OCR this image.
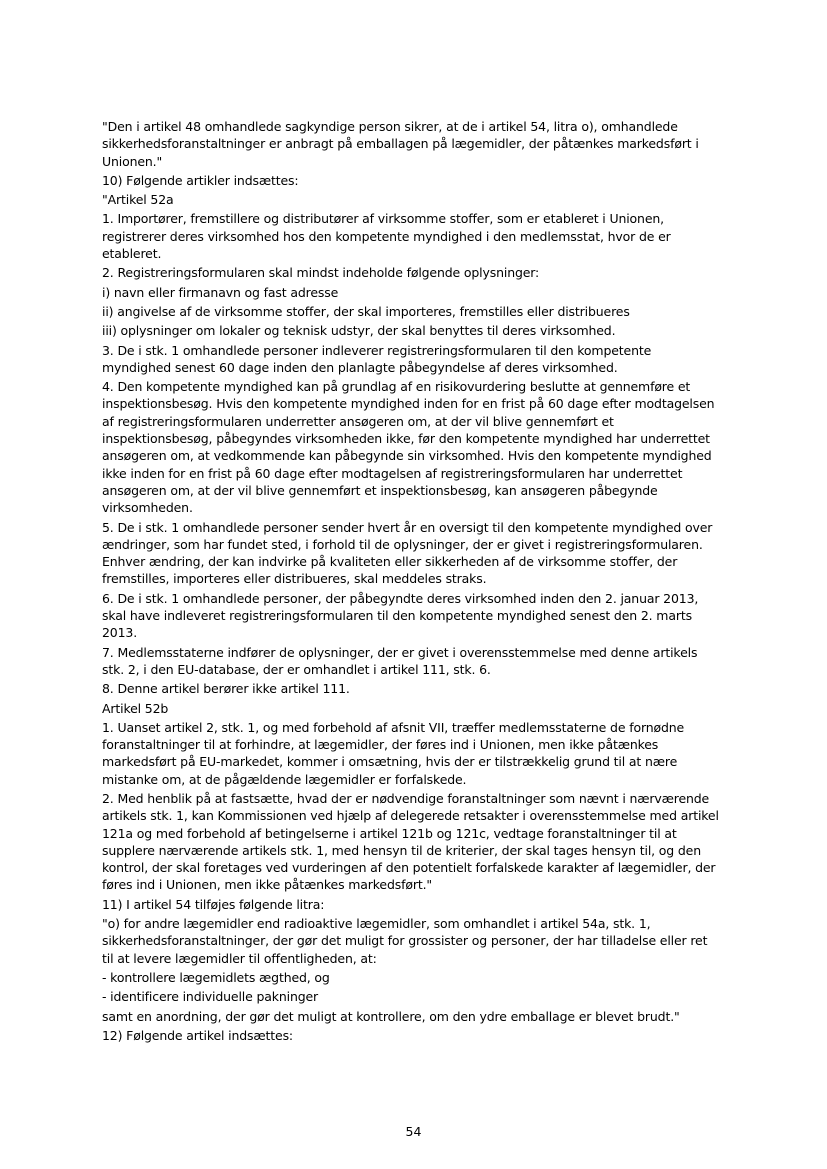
"Den i artikel 48 omhandlede sagkyndige person sikrer, at de i artikel 54, litra o), omhandlede sikkerhedsforanstaltninger er anbragt på emballagen på lægemidler, der påtænkes markedsført i Unionen."

10) Følgende artikler indsættes:

"Artikel 52a

1. Importører, fremstillere og distributører af virksomme stoffer, som er etableret i Unionen, registrerer deres virksomhed hos den kompetente myndighed i den medlemsstat, hvor de er etableret.

2. Registreringsformularen skal mindst indeholde følgende oplysninger:

i) navn eller firmanavn og fast adresse

ii) angivelse af de virksomme stoffer, der skal importeres, fremstilles eller distribueres

iii) oplysninger om lokaler og teknisk udstyr, der skal benyttes til deres virksomhed.

3. De i stk. 1 omhandlede personer indleverer registreringsformularen til den kompetente myndighed senest 60 dage inden den planlagte påbegyndelse af deres virksomhed.

4. Den kompetente myndighed kan på grundlag af en risikovurdering beslutte at gennemføre et inspektionsbesøg. Hvis den kompetente myndighed inden for en frist på 60 dage efter modtagelsen af registreringsformularen underretter ansøgeren om, at der vil blive gennemført et inspektionsbesøg, påbegyndes virksomheden ikke, før den kompetente myndighed har underrettet ansøgeren om, at vedkommende kan påbegynde sin virksomhed. Hvis den kompetente myndighed ikke inden for en frist på 60 dage efter modtagelsen af registreringsformularen har underrettet ansøgeren om, at der vil blive gennemført et inspektionsbesøg, kan ansøgeren påbegynde virksomheden.

5. De i stk. 1 omhandlede personer sender hvert år en oversigt til den kompetente myndighed over ændringer, som har fundet sted, i forhold til de oplysninger, der er givet i registreringsformularen. Enhver ændring, der kan indvirke på kvaliteten eller sikkerheden af de virksomme stoffer, der fremstilles, importeres eller distribueres, skal meddeles straks.

6. De i stk. 1 omhandlede personer, der påbegyndte deres virksomhed inden den 2. januar 2013, skal have indleveret registreringsformularen til den kompetente myndighed senest den 2. marts 2013.

7. Medlemsstaterne indfører de oplysninger, der er givet i overensstemmelse med denne artikels stk. 2, i den EU-database, der er omhandlet i artikel 111, stk. 6.

8. Denne artikel berører ikke artikel 111.

Artikel 52b

1. Uanset artikel 2, stk. 1, og med forbehold af afsnit VII, træffer medlemsstaterne de fornødne foranstaltninger til at forhindre, at lægemidler, der føres ind i Unionen, men ikke påtænkes markedsført på EU-markedet, kommer i omsætning, hvis der er tilstrækkelig grund til at nære mistanke om, at de pågældende lægemidler er forfalskede.

2. Med henblik på at fastsætte, hvad der er nødvendige foranstaltninger som nævnt i nærværende artikels stk. 1, kan Kommissionen ved hjælp af delegerede retsakter i overensstemmelse med artikel 121a og med forbehold af betingelserne i artikel 121b og 121c, vedtage foranstaltninger til at supplere nærværende artikels stk. 1, med hensyn til de kriterier, der skal tages hensyn til, og den kontrol, der skal foretages ved vurderingen af den potentielt forfalskede karakter af lægemidler, der føres ind i Unionen, men ikke påtænkes markedsført."

11) I artikel 54 tilføjes følgende litra:

"o) for andre lægemidler end radioaktive lægemidler, som omhandlet i artikel 54a, stk. 1, sikkerhedsforanstaltninger, der gør det muligt for grossister og personer, der har tilladelse eller ret til at levere lægemidler til offentligheden, at:

- kontrollere lægemidlets ægthed, og

- identificere individuelle pakninger

samt en anordning, der gør det muligt at kontrollere, om den ydre emballage er blevet brudt."

12) Følgende artikel indsættes:

54
